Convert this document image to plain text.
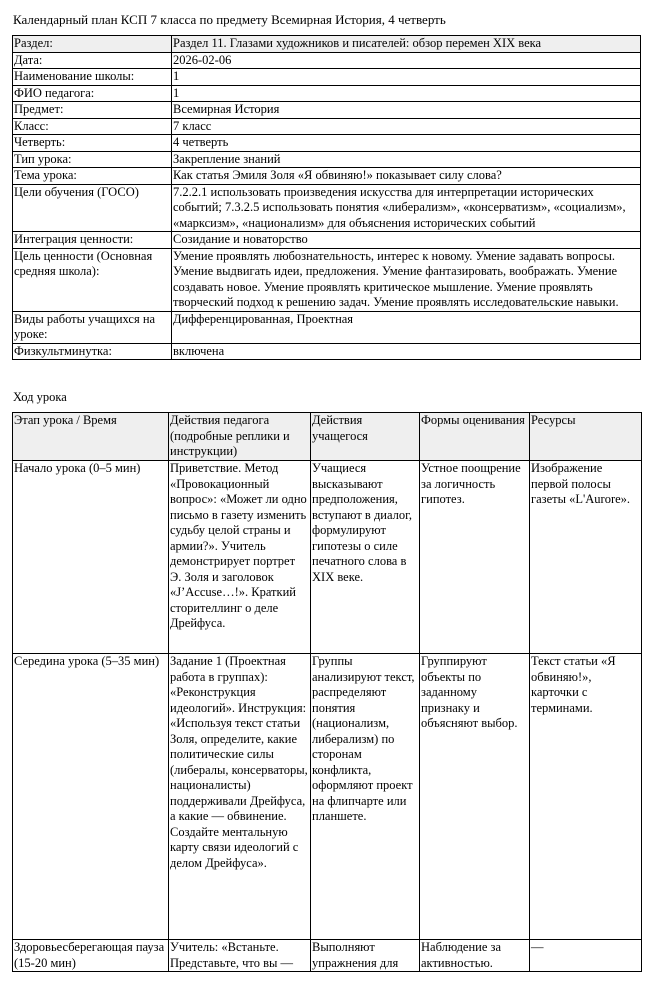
Календарный план КСП 7 класса по предмету Всемирная История, 4 четверть
Раздел:	Раздел 11. Глазами художников и писателей: обзор перемен XIX века
Дата:	2026-02-06
Наименование школы:	1
ФИО педагога:	1
Предмет:	Всемирная История
Класс:	7 класс
Четверть:	4 четверть
Тип урока:	Закрепление знаний
Тема урока:	Как статья Эмиля Золя «Я обвиняю!» показывает силу слова?
Цели обучения (ГОСО)	7.2.2.1 использовать произведения искусства для интерпретации исторических событий; 7.3.2.5 использовать понятия «либерализм», «консерватизм», «социализм», «марксизм», «национализм» для объяснения исторических событий
Интеграция ценности:	Созидание и новаторство
Цель ценности (Основная средняя школа):	Умение проявлять любознательность, интерес к новому. Умение задавать вопросы. Умение выдвигать идеи, предложения. Умение фантазировать, воображать. Умение создавать новое. Умение проявлять критическое мышление. Умение проявлять творческий подход к решению задач. Умение проявлять исследовательские навыки.
Виды работы учащихся на уроке:	Дифференцированная, Проектная
Физкультминутка:	включена
Ход урока
Этап урока / Время	Действия педагога (подробные реплики и инструкции)	Действия учащегося	Формы оценивания	Ресурсы
Начало урока (0–5 мин)	Приветствие. Метод «Провокационный вопрос»: «Может ли одно письмо в газету изменить судьбу целой страны и армии?». Учитель демонстрирует портрет Э. Золя и заголовок «J’Accuse…!». Краткий сторителлинг о деле Дрейфуса.	Учащиеся высказывают предположения, вступают в диалог, формулируют гипотезы о силе печатного слова в XIX веке.	Устное поощрение за логичность гипотез.	Изображение первой полосы газеты «L'Aurore».
Середина урока (5–35 мин)	Задание 1 (Проектная работа в группах): «Реконструкция идеологий». Инструкция: «Используя текст статьи Золя, определите, какие политические силы (либералы, консерваторы, националисты) поддерживали Дрейфуса, а какие — обвинение. Создайте ментальную карту связи идеологий с делом Дрейфуса».	Группы анализируют текст, распределяют понятия (национализм, либерализм) по сторонам конфликта, оформляют проект на флипчарте или планшете.	Группируют объекты по заданному признаку и объясняют выбор.	Текст статьи «Я обвиняю!», карточки с терминами.
Здоровьесберегающая пауза (15-20 мин)	Учитель: «Встаньте. Представьте, что вы —	Выполняют упражнения для	Наблюдение за активностью.	—
